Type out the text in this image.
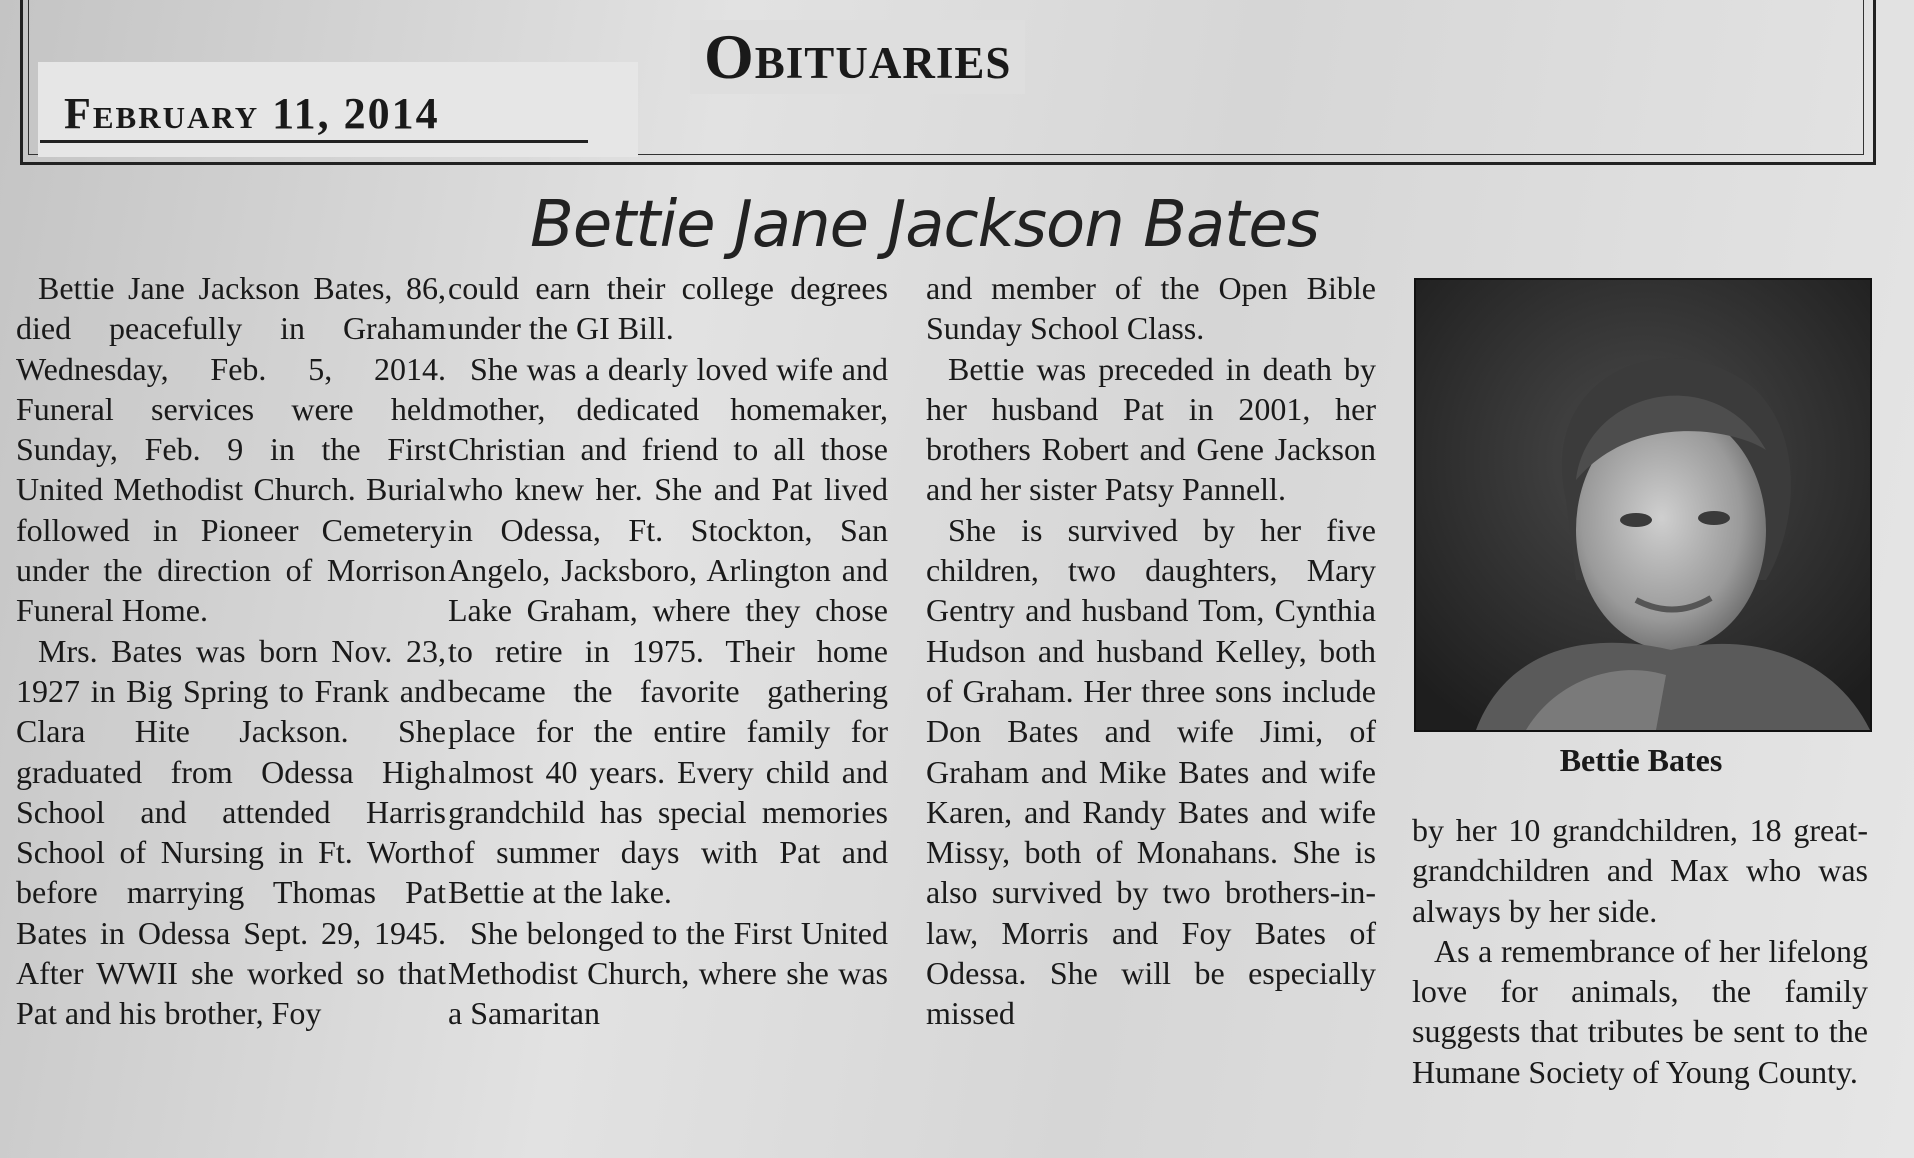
Obituaries
February 11, 2014
Bettie Jane Jackson Bates

Bettie Jane Jackson Bates, 86, died peacefully in Graham Wednesday, Feb. 5, 2014. Funeral services were held Sunday, Feb. 9 in the First United Methodist Church. Burial followed in Pioneer Cemetery under the direction of Morrison Funeral Home.

Mrs. Bates was born Nov. 23, 1927 in Big Spring to Frank and Clara Hite Jackson. She graduated from Odessa High School and attended Harris School of Nursing in Ft. Worth before marrying Thomas Pat Bates in Odessa Sept. 29, 1945. After WWII she worked so that Pat and his brother, Foy

could earn their college degrees under the GI Bill.

She was a dearly loved wife and mother, dedicated homemaker, Christian and friend to all those who knew her. She and Pat lived in Odessa, Ft. Stockton, San Angelo, Jacksboro, Arlington and Lake Graham, where they chose to retire in 1975. Their home became the favorite gathering place for the entire family for almost 40 years. Every child and grandchild has special memories of summer days with Pat and Bettie at the lake.

She belonged to the First United Methodist Church, where she was a Samaritan

and member of the Open Bible Sunday School Class.

Bettie was preceded in death by her husband Pat in 2001, her brothers Robert and Gene Jackson and her sister Patsy Pannell.

She is survived by her five children, two daughters, Mary Gentry and husband Tom, Cynthia Hudson and husband Kelley, both of Graham. Her three sons include Don Bates and wife Jimi, of Graham and Mike Bates and wife Karen, and Randy Bates and wife Missy, both of Monahans. She is also survived by two brothers-in-law, Morris and Foy Bates of Odessa. She will be especially missed

Bettie Bates

by her 10 grandchildren, 18 great-grandchildren and Max who was always by her side.

As a remembrance of her lifelong love for animals, the family suggests that tributes be sent to the Humane Society of Young County.
